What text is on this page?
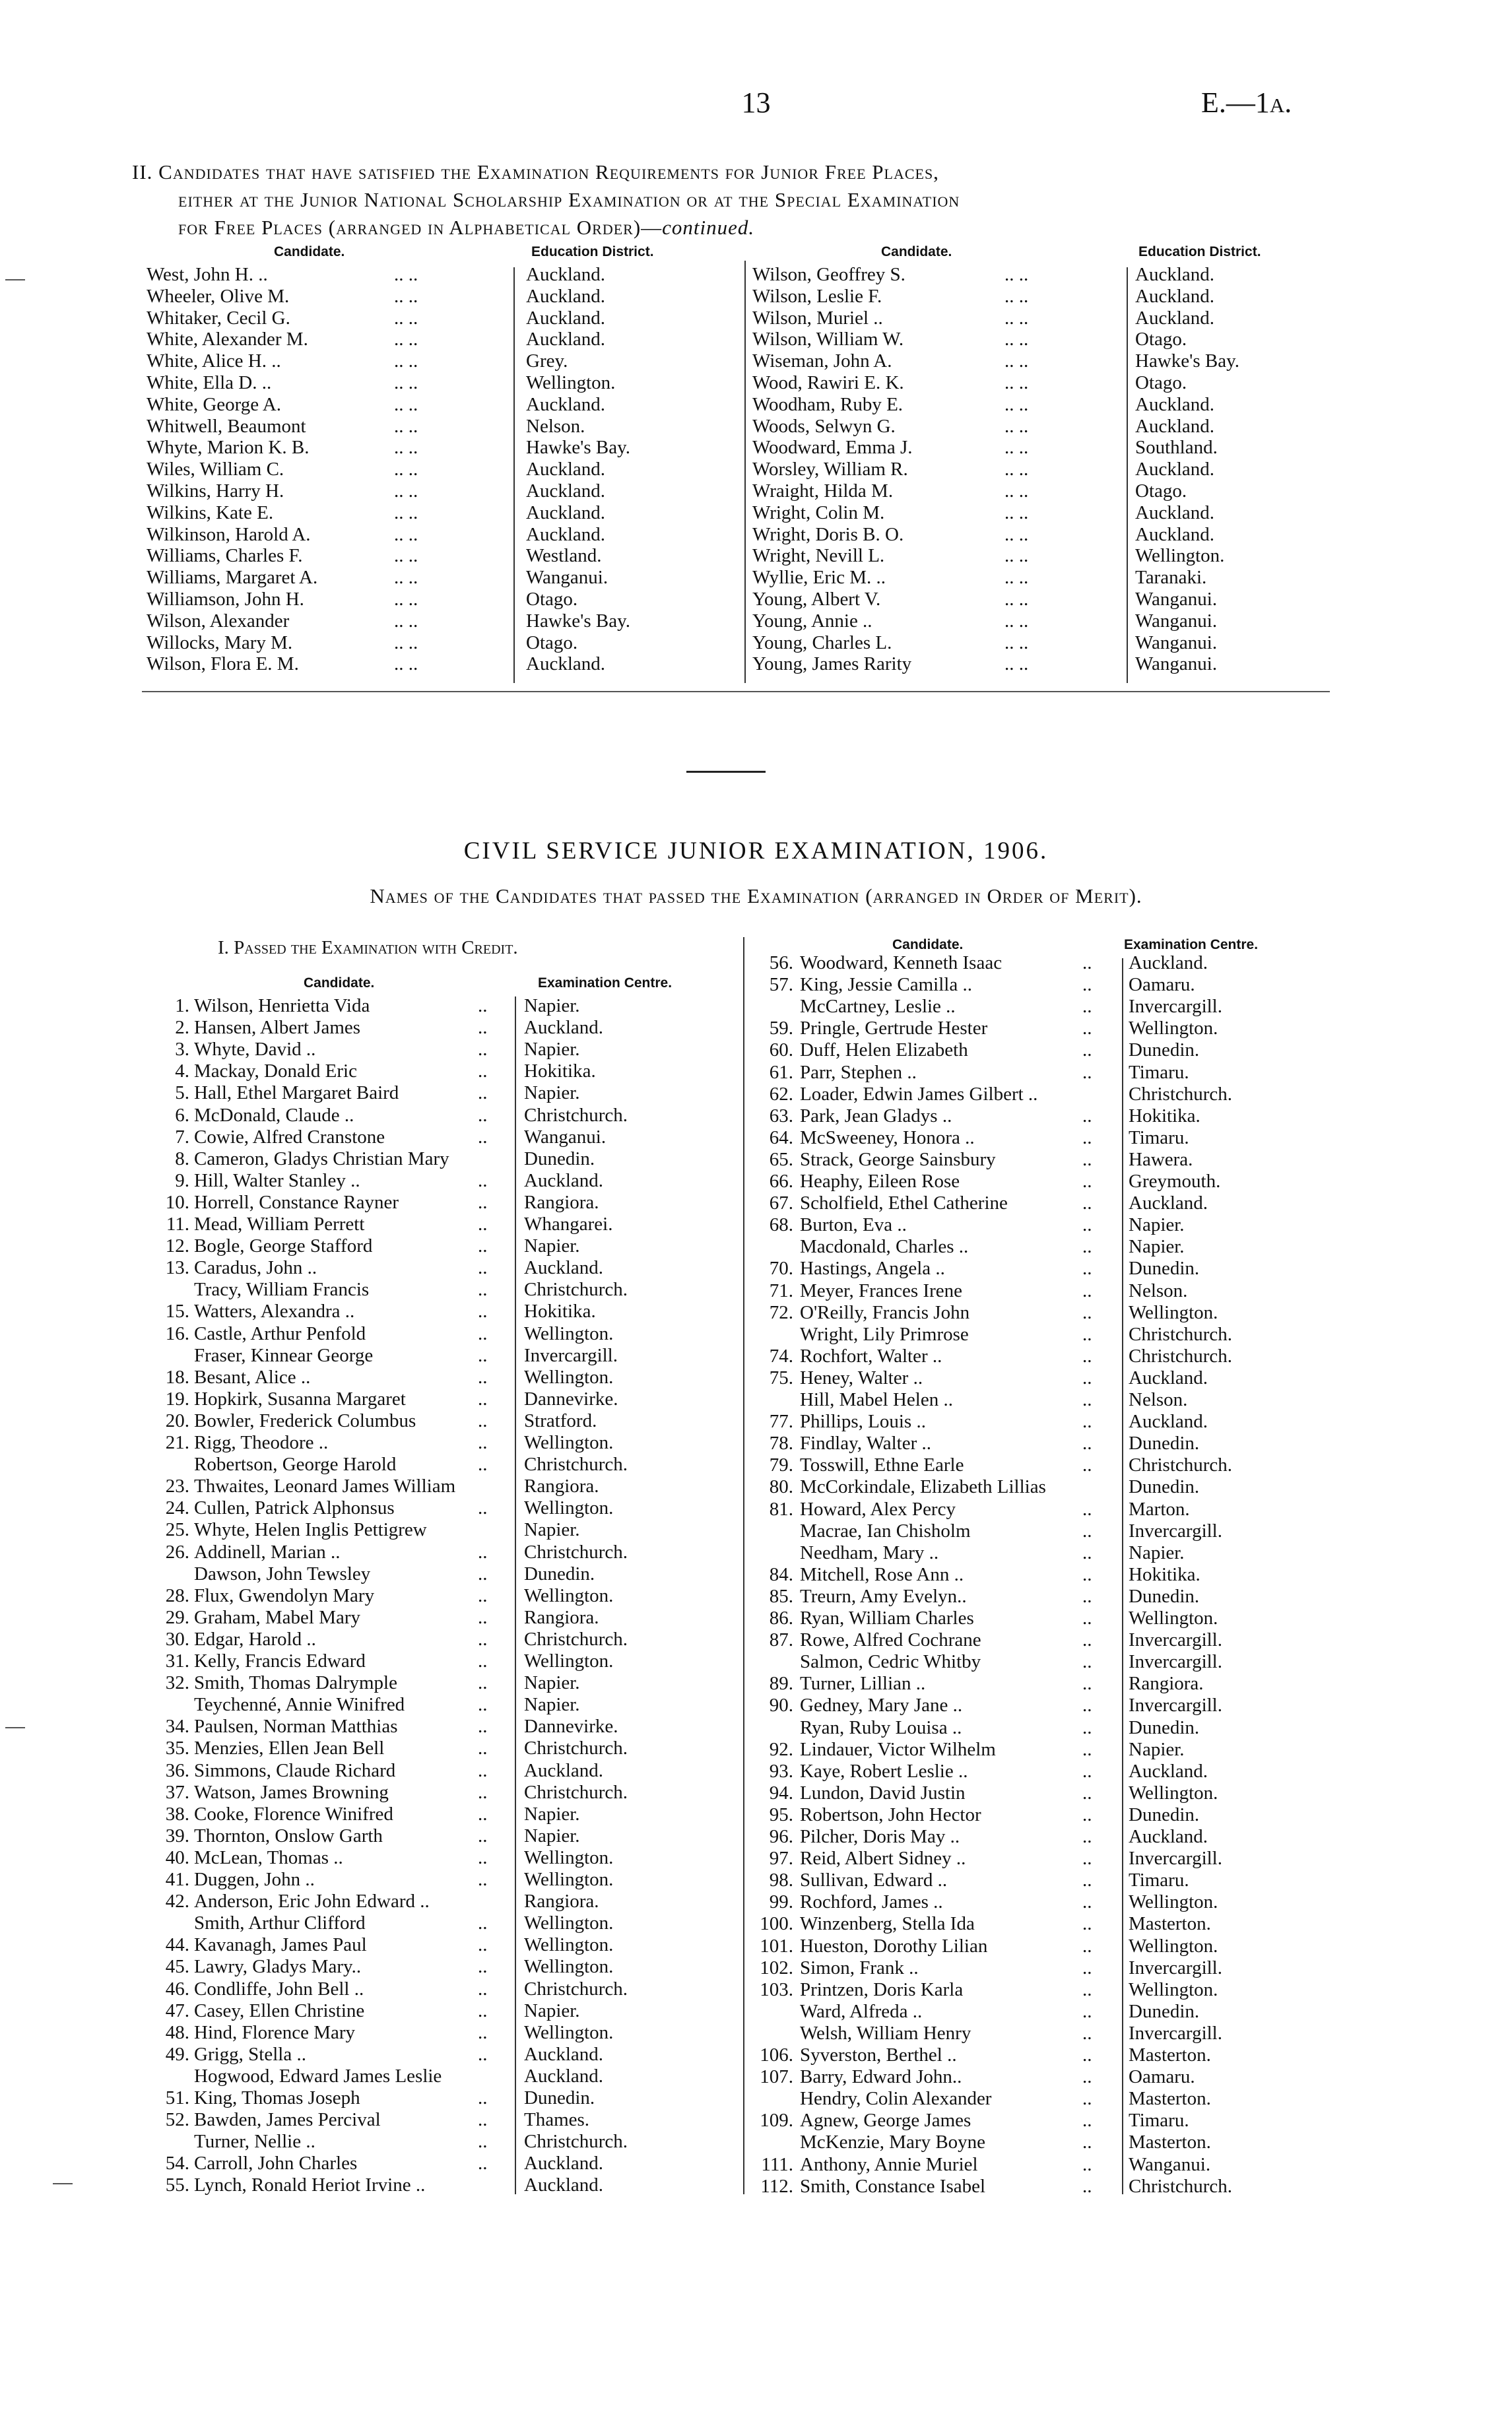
13	E.—1a.
II. Candidates that have satisfied the Examination Requirements for Junior Free Places,
either at the Junior National Scholarship Examination or at the Special Examination
for Free Places (arranged in Alphabetical Order)—continued.
Candidate.	Education District.	Candidate.	Education District.
West, John H. ..	.. ..	Auckland.
Wheeler, Olive M.	.. ..	Auckland.
Whitaker, Cecil G.	.. ..	Auckland.
White, Alexander M.	.. ..	Auckland.
White, Alice H. ..	.. ..	Grey.
White, Ella D. ..	.. ..	Wellington.
White, George A.	.. ..	Auckland.
Whitwell, Beaumont	.. ..	Nelson.
Whyte, Marion K. B.	.. ..	Hawke's Bay.
Wiles, William C.	.. ..	Auckland.
Wilkins, Harry H.	.. ..	Auckland.
Wilkins, Kate E.	.. ..	Auckland.
Wilkinson, Harold A.	.. ..	Auckland.
Williams, Charles F.	.. ..	Westland.
Williams, Margaret A.	.. ..	Wanganui.
Williamson, John H.	.. ..	Otago.
Wilson, Alexander	.. ..	Hawke's Bay.
Willocks, Mary M.	.. ..	Otago.
Wilson, Flora E. M.	.. ..	Auckland.
Wilson, Geoffrey S.	.. ..	Auckland.
Wilson, Leslie F.	.. ..	Auckland.
Wilson, Muriel ..	.. ..	Auckland.
Wilson, William W.	.. ..	Otago.
Wiseman, John A.	.. ..	Hawke's Bay.
Wood, Rawiri E. K.	.. ..	Otago.
Woodham, Ruby E.	.. ..	Auckland.
Woods, Selwyn G.	.. ..	Auckland.
Woodward, Emma J.	.. ..	Southland.
Worsley, William R.	.. ..	Auckland.
Wraight, Hilda M.	.. ..	Otago.
Wright, Colin M.	.. ..	Auckland.
Wright, Doris B. O.	.. ..	Auckland.
Wright, Nevill L.	.. ..	Wellington.
Wyllie, Eric M. ..	.. ..	Taranaki.
Young, Albert V.	.. ..	Wanganui.
Young, Annie ..	.. ..	Wanganui.
Young, Charles L.	.. ..	Wanganui.
Young, James Rarity	.. ..	Wanganui.
CIVIL SERVICE JUNIOR EXAMINATION, 1906.
Names of the Candidates that passed the Examination (arranged in Order of Merit).
I. Passed the Examination with Credit.
Candidate.	Examination Centre.
Candidate.	Examination Centre.
1. Wilson, Henrietta Vida	.. Napier.
2. Hansen, Albert James	.. Auckland.
3. Whyte, David ..	.. Napier.
4. Mackay, Donald Eric	.. Hokitika.
5. Hall, Ethel Margaret Baird	.. Napier.
6. McDonald, Claude ..	.. Christchurch.
7. Cowie, Alfred Cranstone	.. Wanganui.
8. Cameron, Gladys Christian Mary	Dunedin.
9. Hill, Walter Stanley ..	.. Auckland.
10. Horrell, Constance Rayner	.. Rangiora.
11. Mead, William Perrett	.. Whangarei.
12. Bogle, George Stafford	.. Napier.
13. Caradus, John ..	.. Auckland.
Tracy, William Francis	.. Christchurch.
15. Watters, Alexandra ..	.. Hokitika.
16. Castle, Arthur Penfold	.. Wellington.
Fraser, Kinnear George	.. Invercargill.
18. Besant, Alice ..	.. Wellington.
19. Hopkirk, Susanna Margaret	.. Dannevirke.
20. Bowler, Frederick Columbus	.. Stratford.
21. Rigg, Theodore ..	.. Wellington.
Robertson, George Harold	.. Christchurch.
23. Thwaites, Leonard James William	Rangiora.
24. Cullen, Patrick Alphonsus	.. Wellington.
25. Whyte, Helen Inglis Pettigrew	Napier.
26. Addinell, Marian ..	.. Christchurch.
Dawson, John Tewsley	.. Dunedin.
28. Flux, Gwendolyn Mary	.. Wellington.
29. Graham, Mabel Mary	.. Rangiora.
30. Edgar, Harold ..	.. Christchurch.
31. Kelly, Francis Edward	.. Wellington.
32. Smith, Thomas Dalrymple	.. Napier.
Teychenné, Annie Winifred	.. Napier.
34. Paulsen, Norman Matthias	.. Dannevirke.
35. Menzies, Ellen Jean Bell	.. Christchurch.
36. Simmons, Claude Richard	.. Auckland.
37. Watson, James Browning	.. Christchurch.
38. Cooke, Florence Winifred	.. Napier.
39. Thornton, Onslow Garth	.. Napier.
40. McLean, Thomas ..	.. Wellington.
41. Duggen, John ..	.. Wellington.
42. Anderson, Eric John Edward ..	Rangiora.
Smith, Arthur Clifford	.. Wellington.
44. Kavanagh, James Paul	.. Wellington.
45. Lawry, Gladys Mary..	.. Wellington.
46. Condliffe, John Bell ..	.. Christchurch.
47. Casey, Ellen Christine	.. Napier.
48. Hind, Florence Mary	.. Wellington.
49. Grigg, Stella ..	.. Auckland.
Hogwood, Edward James Leslie	Auckland.
51. King, Thomas Joseph	.. Dunedin.
52. Bawden, James Percival	.. Thames.
Turner, Nellie ..	.. Christchurch.
54. Carroll, John Charles	.. Auckland.
55. Lynch, Ronald Heriot Irvine ..	Auckland.
56. Woodward, Kenneth Isaac	.. Auckland.
57. King, Jessie Camilla ..	.. Oamaru.
McCartney, Leslie ..	.. Invercargill.
59. Pringle, Gertrude Hester	.. Wellington.
60. Duff, Helen Elizabeth	.. Dunedin.
61. Parr, Stephen ..	.. Timaru.
62. Loader, Edwin James Gilbert ..	Christchurch.
63. Park, Jean Gladys ..	.. Hokitika.
64. McSweeney, Honora ..	.. Timaru.
65. Strack, George Sainsbury	.. Hawera.
66. Heaphy, Eileen Rose	.. Greymouth.
67. Scholfield, Ethel Catherine	.. Auckland.
68. Burton, Eva ..	.. Napier.
Macdonald, Charles ..	.. Napier.
70. Hastings, Angela ..	.. Dunedin.
71. Meyer, Frances Irene	.. Nelson.
72. O'Reilly, Francis John	.. Wellington.
Wright, Lily Primrose	.. Christchurch.
74. Rochfort, Walter ..	.. Christchurch.
75. Heney, Walter ..	.. Auckland.
Hill, Mabel Helen ..	.. Nelson.
77. Phillips, Louis ..	.. Auckland.
78. Findlay, Walter ..	.. Dunedin.
79. Tosswill, Ethne Earle	.. Christchurch.
80. McCorkindale, Elizabeth Lillias	Dunedin.
81. Howard, Alex Percy	.. Marton.
Macrae, Ian Chisholm	.. Invercargill.
Needham, Mary ..	.. Napier.
84. Mitchell, Rose Ann ..	.. Hokitika.
85. Treurn, Amy Evelyn..	.. Dunedin.
86. Ryan, William Charles	.. Wellington.
87. Rowe, Alfred Cochrane	.. Invercargill.
Salmon, Cedric Whitby	.. Invercargill.
89. Turner, Lillian ..	.. Rangiora.
90. Gedney, Mary Jane ..	.. Invercargill.
Ryan, Ruby Louisa ..	.. Dunedin.
92. Lindauer, Victor Wilhelm	.. Napier.
93. Kaye, Robert Leslie ..	.. Auckland.
94. Lundon, David Justin	.. Wellington.
95. Robertson, John Hector	.. Dunedin.
96. Pilcher, Doris May ..	.. Auckland.
97. Reid, Albert Sidney ..	.. Invercargill.
98. Sullivan, Edward ..	.. Timaru.
99. Rochford, James ..	.. Wellington.
100. Winzenberg, Stella Ida	.. Masterton.
101. Hueston, Dorothy Lilian	.. Wellington.
102. Simon, Frank ..	.. Invercargill.
103. Printzen, Doris Karla	.. Wellington.
Ward, Alfreda ..	.. Dunedin.
Welsh, William Henry	.. Invercargill.
106. Syverston, Berthel ..	.. Masterton.
107. Barry, Edward John..	.. Oamaru.
Hendry, Colin Alexander	.. Masterton.
109. Agnew, George James	.. Timaru.
McKenzie, Mary Boyne	.. Masterton.
111. Anthony, Annie Muriel	.. Wanganui.
112. Smith, Constance Isabel	.. Christchurch.
